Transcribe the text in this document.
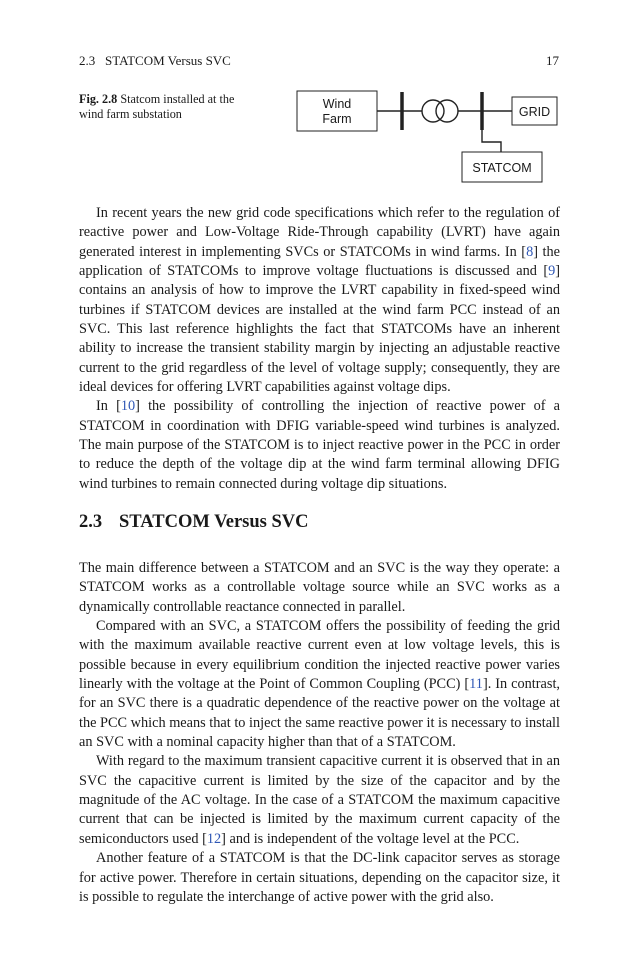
2.3   STATCOM Versus SVC	17
Fig. 2.8 Statcom installed at the wind farm substation
Wind
Farm	GRID
STATCOM

In recent years the new grid code specifications which refer to the regulation of reactive power and Low-Voltage Ride-Through capability (LVRT) have again generated interest in implementing SVCs or STATCOMs in wind farms. In [8] the application of STATCOMs to improve voltage fluctuations is discussed and [9] contains an analysis of how to improve the LVRT capability in fixed-speed wind turbines if STATCOM devices are installed at the wind farm PCC instead of an SVC. This last reference highlights the fact that STATCOMs have an inherent ability to increase the transient stability margin by injecting an adjustable reactive current to the grid regardless of the level of voltage supply; consequently, they are ideal devices for offering LVRT capabilities against voltage dips.

In [10] the possibility of controlling the injection of reactive power of a STATCOM in coordination with DFIG variable-speed wind turbines is analyzed. The main purpose of the STATCOM is to inject reactive power in the PCC in order to reduce the depth of the voltage dip at the wind farm terminal allowing DFIG wind turbines to remain connected during voltage dip situations.

2.3 STATCOM Versus SVC

The main difference between a STATCOM and an SVC is the way they operate: a STATCOM works as a controllable voltage source while an SVC works as a dynamically controllable reactance connected in parallel.

Compared with an SVC, a STATCOM offers the possibility of feeding the grid with the maximum available reactive current even at low voltage levels, this is possible because in every equilibrium condition the injected reactive power varies linearly with the voltage at the Point of Common Coupling (PCC) [11]. In contrast, for an SVC there is a quadratic dependence of the reactive power on the voltage at the PCC which means that to inject the same reactive power it is necessary to install an SVC with a nominal capacity higher than that of a STATCOM.

With regard to the maximum transient capacitive current it is observed that in an SVC the capacitive current is limited by the size of the capacitor and by the magnitude of the AC voltage. In the case of a STATCOM the maximum capacitive current that can be injected is limited by the maximum current capacity of the semiconductors used [12] and is independent of the voltage level at the PCC.

Another feature of a STATCOM is that the DC-link capacitor serves as storage for active power. Therefore in certain situations, depending on the capacitor size, it is possible to regulate the interchange of active power with the grid also.
